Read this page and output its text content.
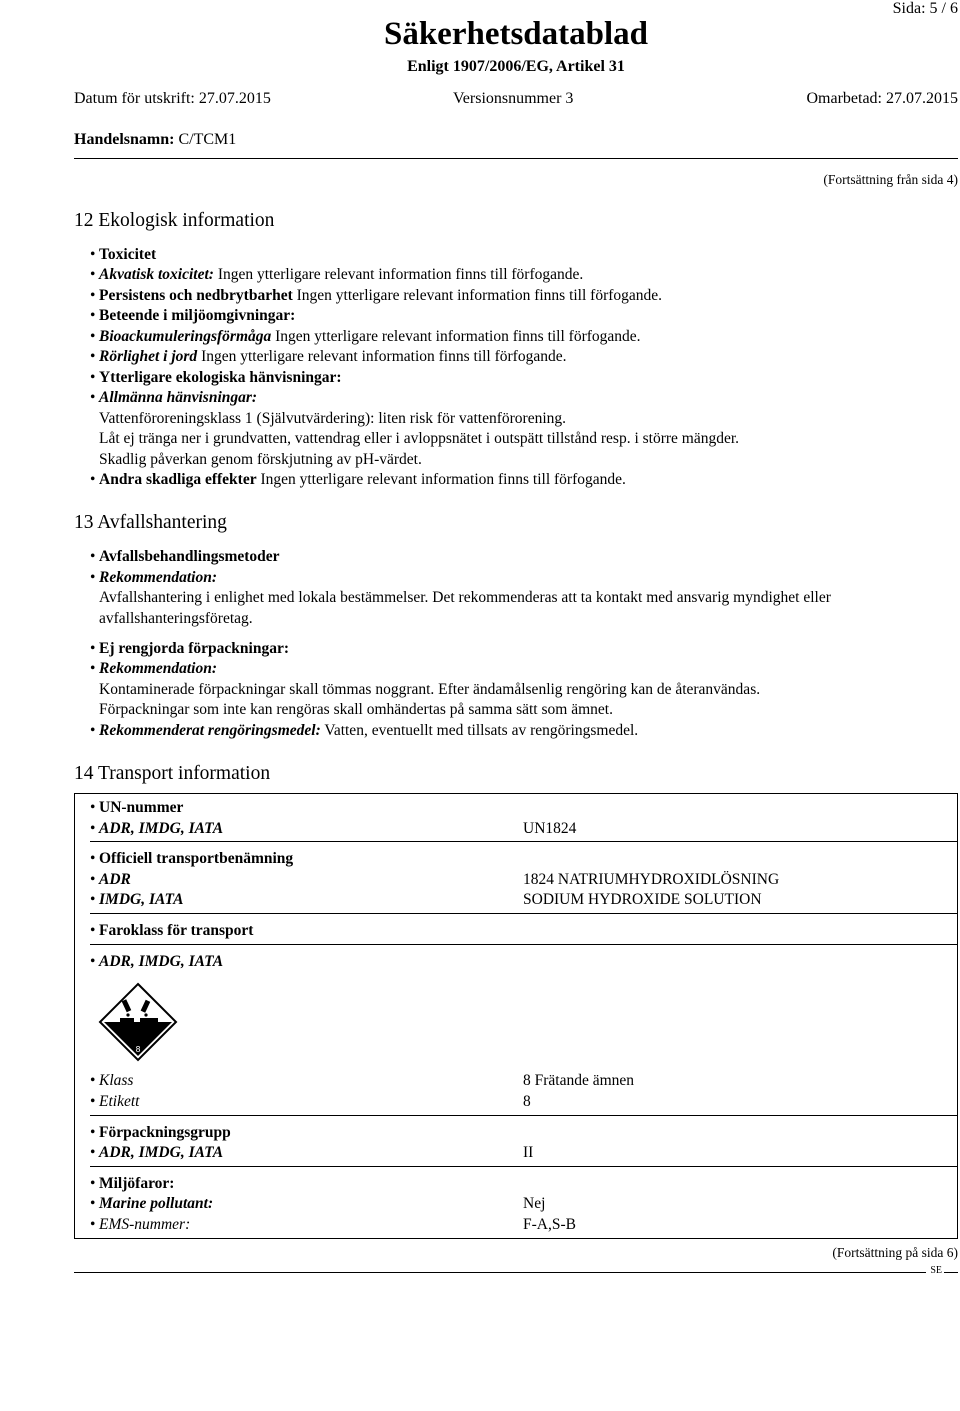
Säkerhetsdatablad
Enligt 1907/2006/EG, Artikel 31
Sida: 5 / 6
Datum för utskrift: 27.07.2015	Versionsnummer 3	Omarbetad: 27.07.2015
Handelsnamn: C/TCM1
(Fortsättning från sida 4)
12 Ekologisk information
• Toxicitet
• Akvatisk toxicitet: Ingen ytterligare relevant information finns till förfogande.
• Persistens och nedbrytbarhet Ingen ytterligare relevant information finns till förfogande.
• Beteende i miljöomgivningar:
• Bioackumuleringsförmåga Ingen ytterligare relevant information finns till förfogande.
• Rörlighet i jord Ingen ytterligare relevant information finns till förfogande.
• Ytterligare ekologiska hänvisningar:
• Allmänna hänvisningar:
Vattenföroreningsklass 1 (Självutvärdering): liten risk för vattenförorening.
Låt ej tränga ner i grundvatten, vattendrag eller i avloppsnätet i outspätt tillstånd resp. i större mängder.
Skadlig påverkan genom förskjutning av pH-värdet.
• Andra skadliga effekter Ingen ytterligare relevant information finns till förfogande.
13 Avfallshantering
• Avfallsbehandlingsmetoder
• Rekommendation:
Avfallshantering i enlighet med lokala bestämmelser. Det rekommenderas att ta kontakt med ansvarig myndighet eller
avfallshanteringsföretag.
• Ej rengjorda förpackningar:
• Rekommendation:
Kontaminerade förpackningar skall tömmas noggrant. Efter ändamålsenlig rengöring kan de återanvändas.
Förpackningar som inte kan rengöras skall omhändertas på samma sätt som ämnet.
• Rekommenderat rengöringsmedel: Vatten, eventuellt med tillsats av rengöringsmedel.
14 Transport information
• UN-nummer
• ADR, IMDG, IATA	UN1824
• Officiell transportbenämning
• ADR	1824 NATRIUMHYDROXIDLÖSNING
• IMDG, IATA	SODIUM HYDROXIDE SOLUTION
• Faroklass för transport
• ADR, IMDG, IATA
8
• Klass	8 Frätande ämnen
• Etikett	8
• Förpackningsgrupp
• ADR, IMDG, IATA	II
• Miljöfaror:
• Marine pollutant:	Nej
• EMS-nummer:	F-A,S-B
(Fortsättning på sida 6)
SE
